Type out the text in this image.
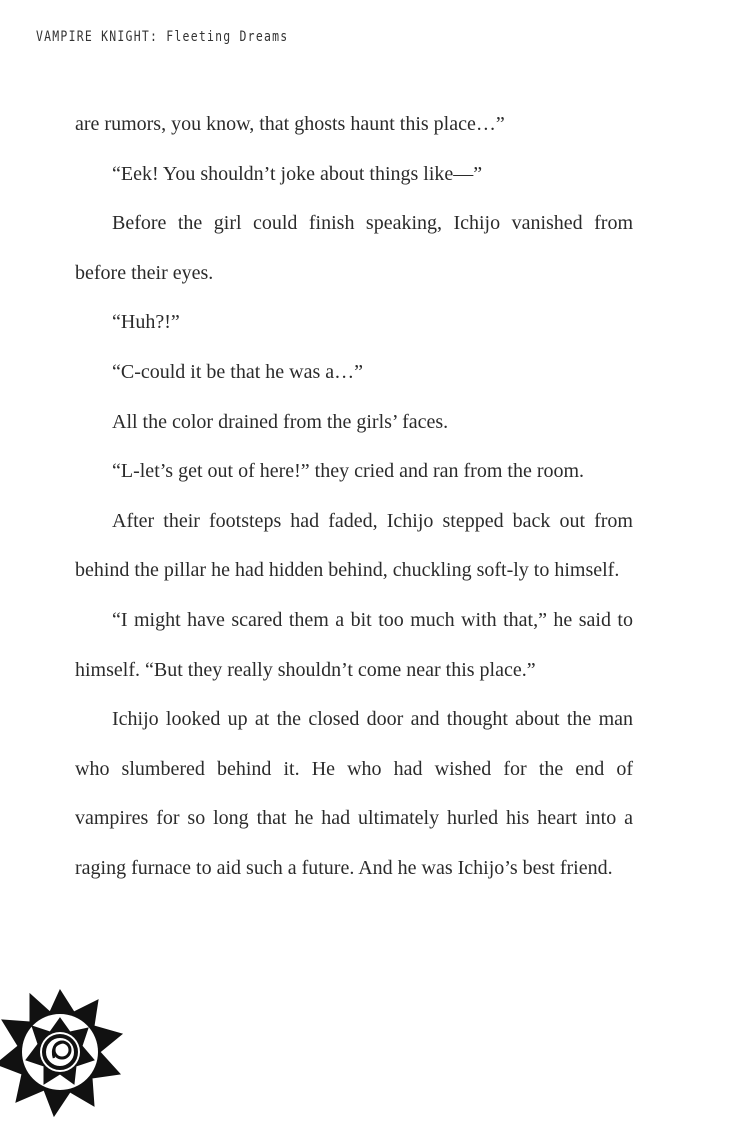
VAMPIRE KNIGHT: Fleeting Dreams

are rumors, you know, that ghosts haunt this place…”

“Eek! You shouldn’t joke about things like—”

Before the girl could finish speaking, Ichijo vanished from before their eyes.

“Huh?!”

“C-could it be that he was a…”

All the color drained from the girls’ faces.

“L-let’s get out of here!” they cried and ran from the room.

After their footsteps had faded, Ichijo stepped back out from behind the pillar he had hidden behind, chuckling soft-ly to himself.

“I might have scared them a bit too much with that,” he said to himself. “But they really shouldn’t come near this place.”

Ichijo looked up at the closed door and thought about the man who slumbered behind it. He who had wished for the end of vampires for so long that he had ultimately hurled his heart into a raging furnace to aid such a future. And he was Ichijo’s best friend.
